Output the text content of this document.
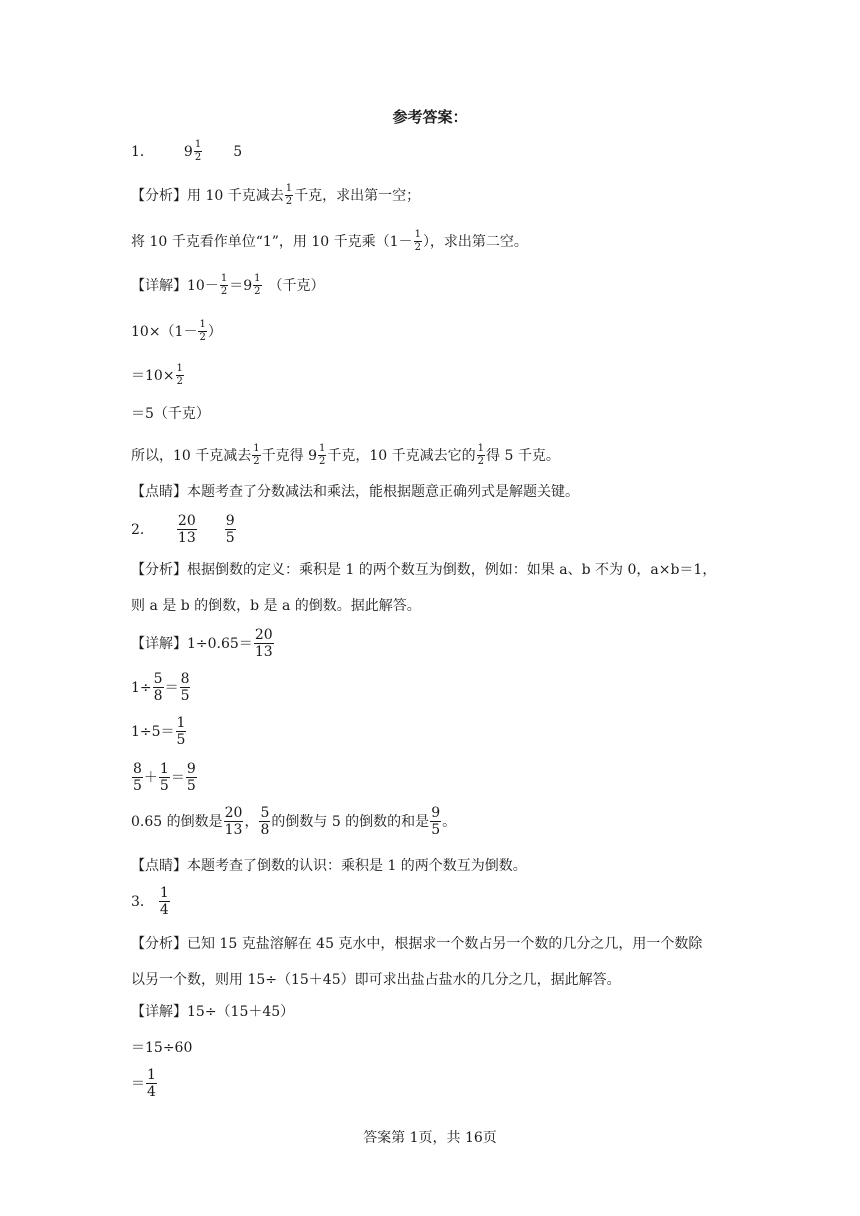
参考答案：
1． $9 \frac{1}{2} 5$
【分析】用 10 千克减去 $\frac{1}{2}$ 千克，求出第一空；
将 10 千克看作单位“1”，用 10 千克乘（$1- \frac{1}{2}$ ），求出第二空。
【详解】$10- \frac{1}{2} =9 \frac{1}{2}$ （千克）
$10\times(1- \frac{1}{2}$ ）
$=10\times \frac{1}{2}$
＝5（千克）
所以，10 千克减去 $\frac{1}{2}$ 千克得 $9 \frac{1}{2}$ 千克，10 千克减去它的 $\frac{1}{2}$ 得 5 千克。
【点睛】本题考查了分数减法和乘法，能根据题意正确列式是解题关键。
2． $\frac{20}{13} \frac{9}{5}$
【分析】根据倒数的定义：乘积是 1 的两个数互为倒数，例如：如果 a、b 不为 0，a×b＝1，
则 a 是 b 的倒数，b 是 a 的倒数。据此解答。
【详解】$1\div 0.65= \frac{20}{13}$
$1\div \frac{5}{8} = \frac{8}{5}$
$1\div 5= \frac{1}{5}$
$\frac{8}{5} + \frac{1}{5} = \frac{9}{5}$
0.65 的倒数是 $\frac{20}{13}$ ， $\frac{5}{8}$ 的倒数与 5 的倒数的和是 $\frac{9}{5}$ 。
【点睛】本题考查了倒数的认识：乘积是 1 的两个数互为倒数。
3． $\frac{1}{4}$
【分析】已知 15 克盐溶解在 45 克水中，根据求一个数占另一个数的几分之几，用一个数除
以另一个数，则用 15÷（15＋45）即可求出盐占盐水的几分之几，据此解答。
【详解】15÷（15＋45）
＝15÷60
＝ $\frac{1}{4}$
答案第 1页，共 16页
